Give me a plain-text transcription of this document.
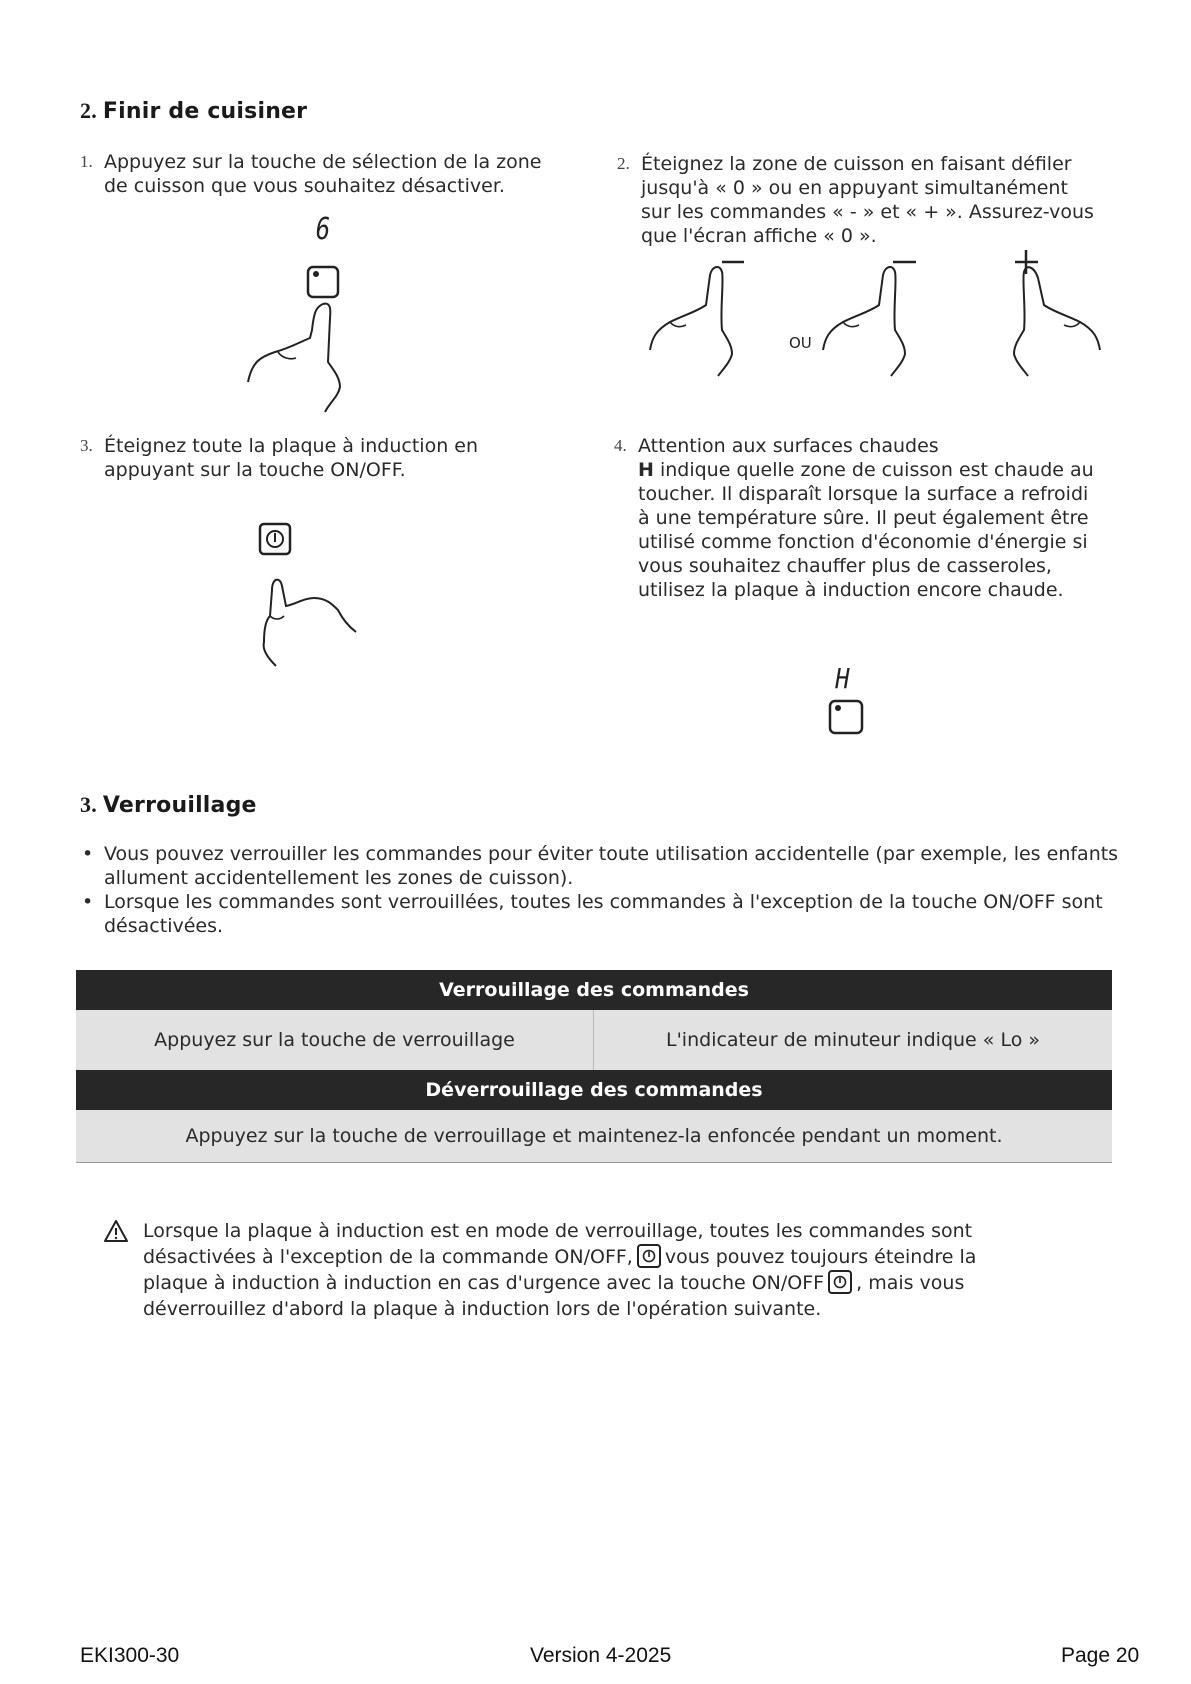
2. Finir de cuisiner
1. Appuyez sur la touche de sélection de la zone de cuisson que vous souhaitez désactiver.

6
2. Éteignez la zone de cuisson en faisant défiler jusqu'à « 0 » ou en appuyant simultanément sur les commandes « - » et « + ». Assurez-vous que l'écran affiche « 0 ».

OU
3. Éteignez toute la plaque à induction en appuyant sur la touche ON/OFF.

4. Attention aux surfaces chaudes

H indique quelle zone de cuisson est chaude au toucher. Il disparaît lorsque la surface a refroidi à une température sûre. Il peut également être utilisé comme fonction d'économie d'énergie si vous souhaitez chauffer plus de casseroles, utilisez la plaque à induction encore chaude.

H
3. Verrouillage
• Vous pouvez verrouiller les commandes pour éviter toute utilisation accidentelle (par exemple, les enfants allument accidentellement les zones de cuisson).
• Lorsque les commandes sont verrouillées, toutes les commandes à l'exception de la touche ON/OFF sont désactivées.
Verrouillage des commandes
Appuyez sur la touche de verrouillage	L'indicateur de minuteur indique « Lo »
Déverrouillage des commandes
Appuyez sur la touche de verrouillage et maintenez-la enfoncée pendant un moment.

Lorsque la plaque à induction est en mode de verrouillage, toutes les commandes sont désactivées à l'exception de la commande ON/OFF, vous pouvez toujours éteindre la plaque à induction à induction en cas d'urgence avec la touche ON/OFF , mais vous déverrouillez d'abord la plaque à induction lors de l'opération suivante.

EKI300-30	Version 4-2025	Page 20
